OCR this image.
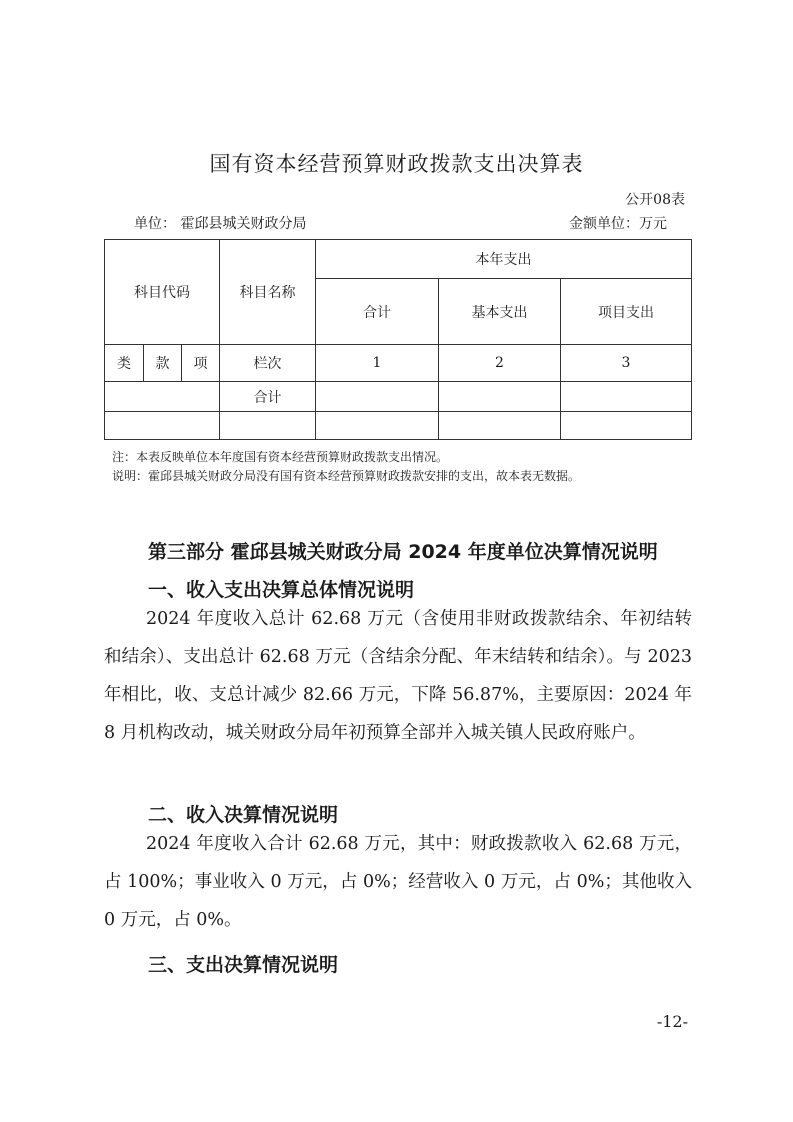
国有资本经营预算财政拨款支出决算表
公开08表
单位： 霍邱县城关财政分局	金额单位：万元
科目代码			科目名称	本年支出		
				合计	基本支出	项目支出
类	款	项	栏次	1	2	3
			合计			

注：本表反映单位本年度国有资本经营预算财政拨款支出情况。
说明：霍邱县城关财政分局没有国有资本经营预算财政拨款安排的支出，故本表无数据。
第三部分 霍邱县城关财政分局 2024 年度单位决算情况说明
一、收入支出决算总体情况说明

2024 年度收入总计 62.68 万元（含使用非财政拨款结余、年初结转和结余）、支出总计 62.68 万元（含结余分配、年末结转和结余）。与 2023 年相比，收、支总计减少 82.66 万元，下降 56.87%，主要原因：2024 年 8 月机构改动，城关财政分局年初预算全部并入城关镇人民政府账户。

二、收入决算情况说明

2024 年度收入合计 62.68 万元，其中：财政拨款收入 62.68 万元，占 100%；事业收入 0 万元，占 0%；经营收入 0 万元，占 0%；其他收入 0 万元，占 0%。

三、支出决算情况说明
-12-
